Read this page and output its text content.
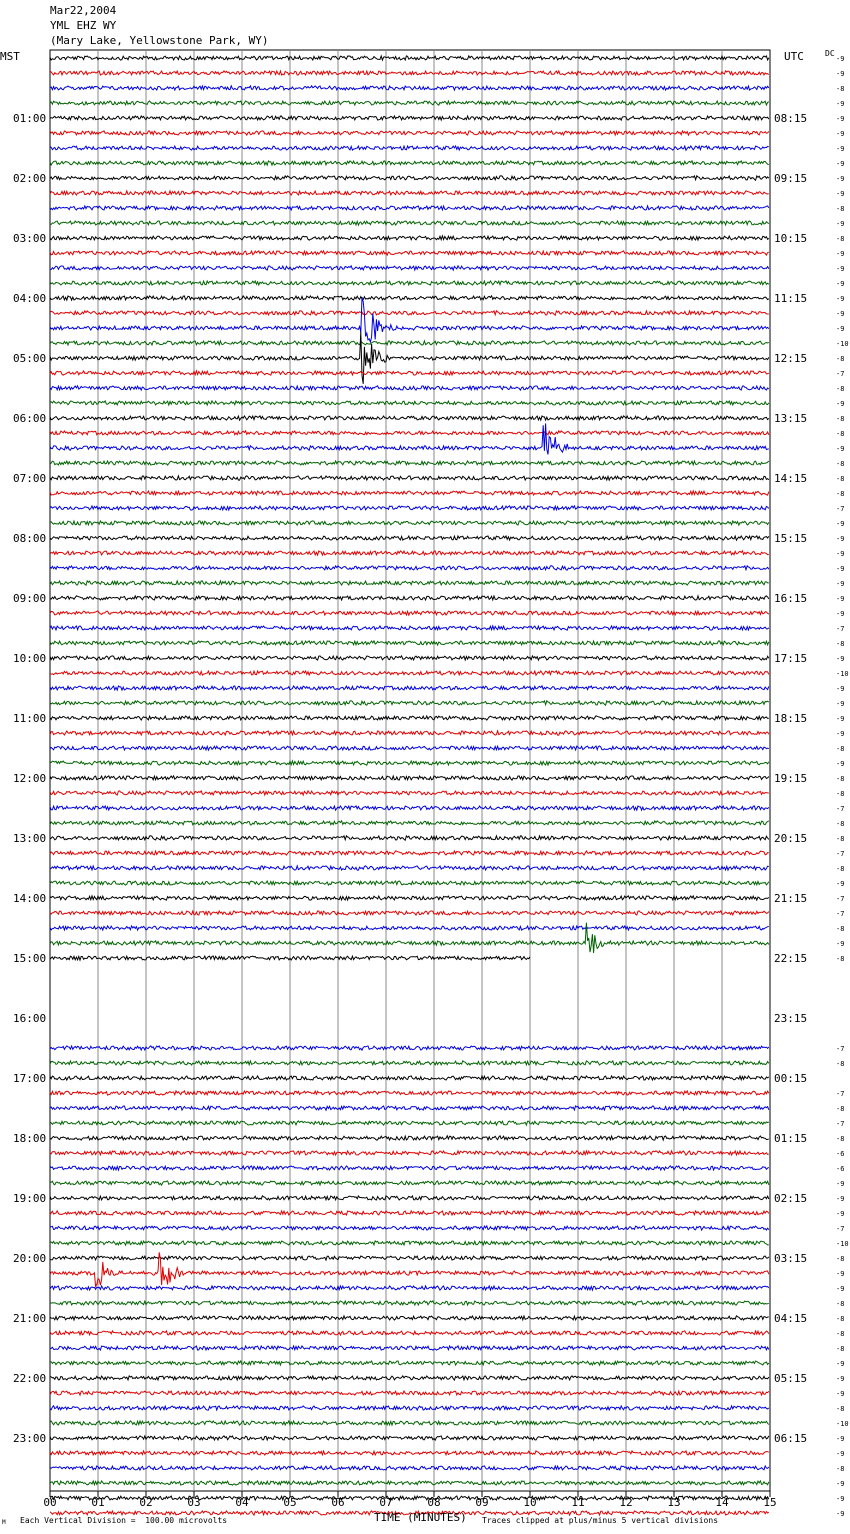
Mar22,2004
YML EHZ WY
(Mary Lake, Yellowstone Park, WY)
MST	UTC	DC
-9
-9
-8
-9
-9
-9
-9
-9
-9
-9
-8
-9
-8
-9
-9
-9
-9
-9
-9
-10
-8
-7
-8
-9
-8
-8
-9
-8
-8
-8
-7
-9
-9
-9
-9
-9
-9
-9
-7
-8
-9
-10
-9
-9
-9
-9
-8
-9
-8
-8
-7
-8
-8
-7
-8
-9
-7
-7
-8
-9
-8
-7
-8
-7
-8
-7
-8
-6
-6
-9
-9
-9
-7
-10
-8
-9
-9
-8
-8
-8
-8
-9
-9
-9
-8
-10
-9
-9
-8
-9
-9
-9
01:00
02:00
03:00
04:00
05:00
06:00
07:00
08:00
09:00
10:00
11:00
12:00
13:00
14:00
15:00
16:00
17:00
18:00
19:00
20:00
21:00
22:00
23:00
08:15
09:15
10:15
11:15
12:15
13:15
14:15
15:15
16:15
17:15
18:15
19:15
20:15
21:15
22:15
23:15
00:15
01:15
02:15
03:15
04:15
05:15
06:15
00	01	02	03	04	05	06	07	08	09	10	11	12	13	14	15
TIME (MINUTES)
Each Vertical Division =  100.00 microvolts	Traces clipped at plus/minus 5 vertical divisions
M
